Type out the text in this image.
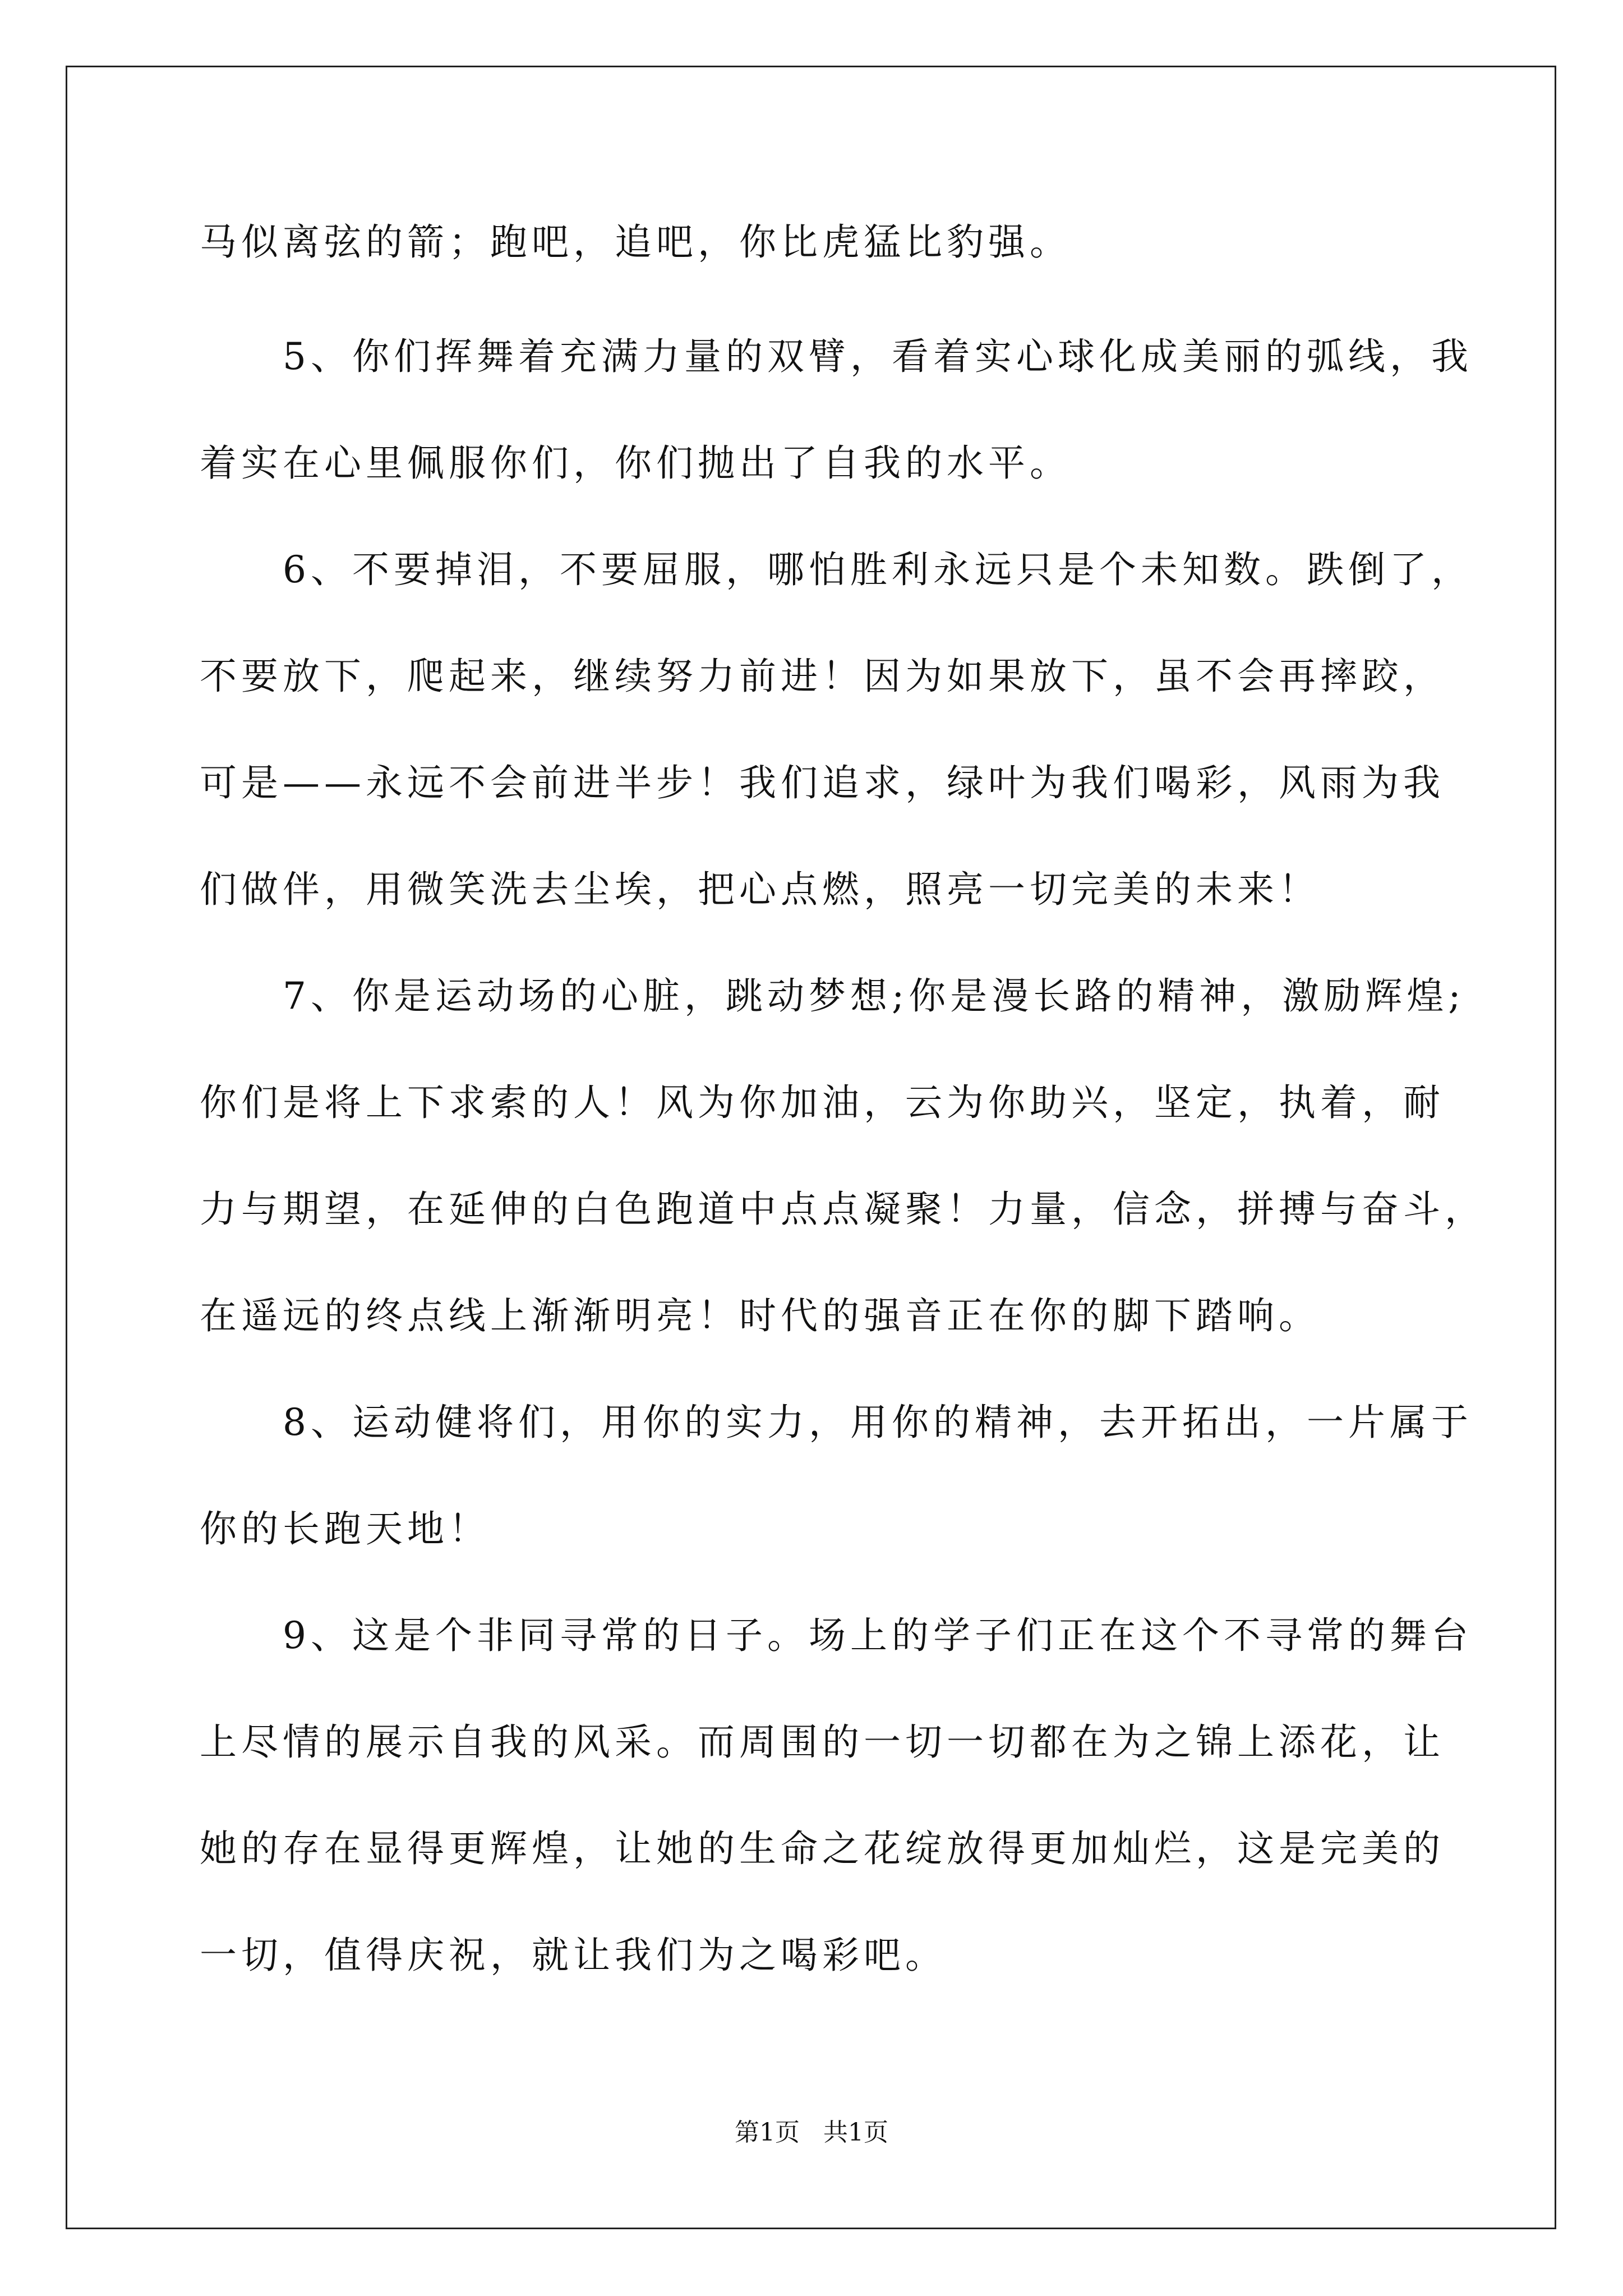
马似离弦的箭；跑吧，追吧，你比虎猛比豹强。
　　5、你们挥舞着充满力量的双臂，看着实心球化成美丽的弧线，我
着实在心里佩服你们，你们抛出了自我的水平。
　　6、不要掉泪，不要屈服，哪怕胜利永远只是个未知数。跌倒了，
不要放下，爬起来，继续努力前进！因为如果放下，虽不会再摔跤，
可是——永远不会前进半步！我们追求，绿叶为我们喝彩，风雨为我
们做伴，用微笑洗去尘埃，把心点燃，照亮一切完美的未来！
　　7、你是运动场的心脏，跳动梦想;你是漫长路的精神，激励辉煌;
你们是将上下求索的人！风为你加油，云为你助兴，坚定，执着，耐
力与期望，在延伸的白色跑道中点点凝聚！力量，信念，拼搏与奋斗，
在遥远的终点线上渐渐明亮！时代的强音正在你的脚下踏响。
　　8、运动健将们，用你的实力，用你的精神，去开拓出，一片属于
你的长跑天地！
　　9、这是个非同寻常的日子。场上的学子们正在这个不寻常的舞台
上尽情的展示自我的风采。而周围的一切一切都在为之锦上添花，让
她的存在显得更辉煌，让她的生命之花绽放得更加灿烂，这是完美的
一切，值得庆祝，就让我们为之喝彩吧。
第1页   共1页
